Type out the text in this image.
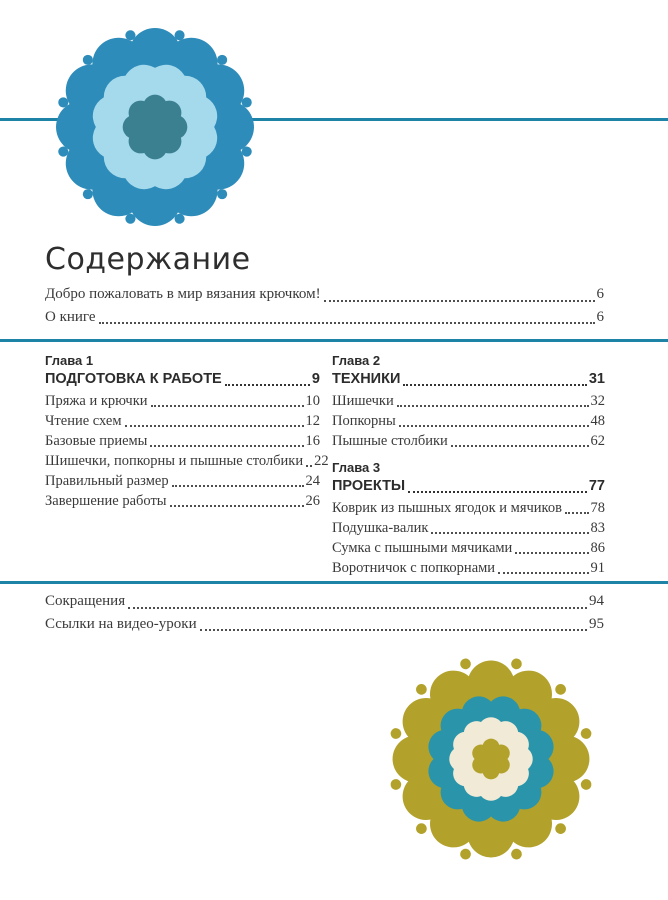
Содержание
Добро пожаловать в мир вязания крючком!	6
О книге	6
Глава 1
ПОДГОТОВКА К РАБОТЕ	9
Пряжа и крючки	10
Чтение схем	12
Базовые приемы	16
Шишечки, попкорны и пышные столбики 22
Правильный размер	24
Завершение работы	26
Глава 2
ТЕХНИКИ	31
Шишечки	32
Попкорны	48
Пышные столбики	62
Глава 3
ПРОЕКТЫ	77
Коврик из пышных ягодок и мячиков 78
Подушка-валик	83
Сумка с пышными мячиками	86
Воротничок с попкорнами	91
Сокращения	94
Ссылки на видео-уроки	95
